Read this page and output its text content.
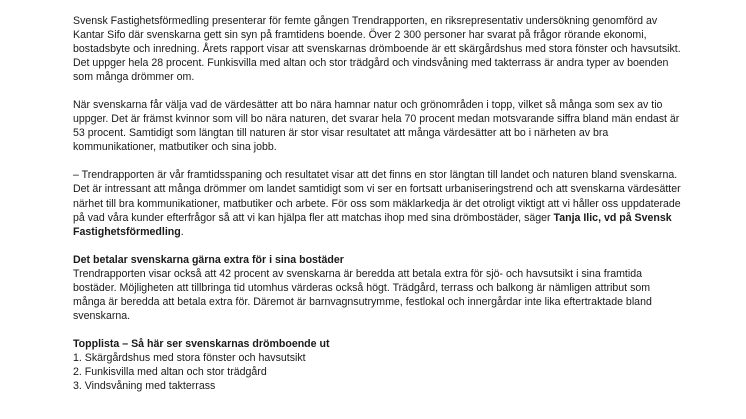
Svensk Fastighetsförmedling presenterar för femte gången Trendrapporten, en riksrepresentativ undersökning genomförd av Kantar Sifo där svenskarna gett sin syn på framtidens boende. Över 2 300 personer har svarat på frågor rörande ekonomi, bostadsbyte och inredning. Årets rapport visar att svenskarnas drömboende är ett skärgårdshus med stora fönster och havsutsikt. Det uppger hela 28 procent. Funkisvilla med altan och stor trädgård och vindsvåning med takterrass är andra typer av boenden som många drömmer om.

När svenskarna får välja vad de värdesätter att bo nära hamnar natur och grönområden i topp, vilket så många som sex av tio uppger. Det är främst kvinnor som vill bo nära naturen, det svarar hela 70 procent medan motsvarande siffra bland män endast är 53 procent. Samtidigt som längtan till naturen är stor visar resultatet att många värdesätter att bo i närheten av bra kommunikationer, matbutiker och sina jobb.

– Trendrapporten är vår framtidsspaning och resultatet visar att det finns en stor längtan till landet och naturen bland svenskarna. Det är intressant att många drömmer om landet samtidigt som vi ser en fortsatt urbaniseringstrend och att svenskarna värdesätter närhet till bra kommunikationer, matbutiker och arbete. För oss som mäklarkedja är det otroligt viktigt att vi håller oss uppdaterade på vad våra kunder efterfrågor så att vi kan hjälpa fler att matchas ihop med sina drömbostäder, säger Tanja Ilic, vd på Svensk Fastighetsförmedling.

Det betalar svenskarna gärna extra för i sina bostäder

Trendrapporten visar också att 42 procent av svenskarna är beredda att betala extra för sjö- och havsutsikt i sina framtida bostäder. Möjligheten att tillbringa tid utomhus värderas också högt. Trädgård, terrass och balkong är nämligen attribut som många är beredda att betala extra för. Däremot är barnvagnsutrymme, festlokal och innergårdar inte lika eftertraktade bland svenskarna.

Topplista – Så här ser svenskarnas drömboende ut
1. Skärgårdshus med stora fönster och havsutsikt
2. Funkisvilla med altan och stor trädgård
3. Vindsvåning med takterrass
